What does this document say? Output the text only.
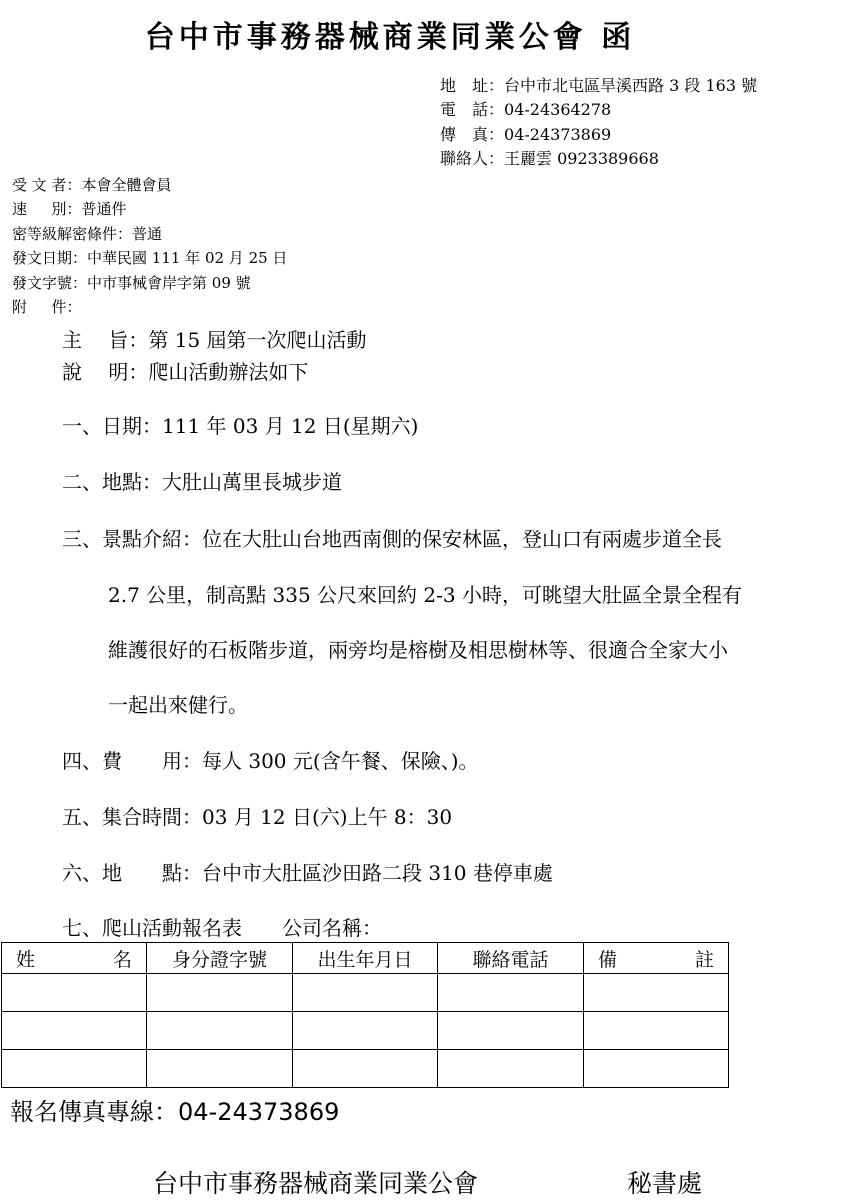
台中市事務器械商業同業公會 函
地　址：台中市北屯區旱溪西路 3 段 163 號
電　話：04-24364278
傳　真：04-24373869
聯絡人：王麗雲 0923389668
受 文 者：本會全體會員
速 　 別：普通件
密等級解密條件：普通
發文日期：中華民國 111 年 02 月 25 日
發文字號：中市事械會岸字第 09 號
附 　 件：
主　 旨：第 15 屆第一次爬山活動
說　 明：爬山活動辦法如下
一、日期：111 年 03 月 12 日(星期六)
二、地點：大肚山萬里長城步道
三、景點介紹：位在大肚山台地西南側的保安林區，登山口有兩處步道全長
2.7 公里，制高點 335 公尺來回約 2-3 小時，可眺望大肚區全景全程有
維護很好的石板階步道，兩旁均是榕樹及相思樹林等、很適合全家大小
一起出來健行。
四、費　　用：每人 300 元(含午餐、保險、)。
五、集合時間：03 月 12 日(六)上午 8：30
六、地　　點：台中市大肚區沙田路二段 310 巷停車處
七、爬山活動報名表　　公司名稱：
姓 名	身分證字號	出生年月日	聯絡電話	備 註

報名傳真專線：04-24373869
台中市事務器械商業同業公會	秘書處
